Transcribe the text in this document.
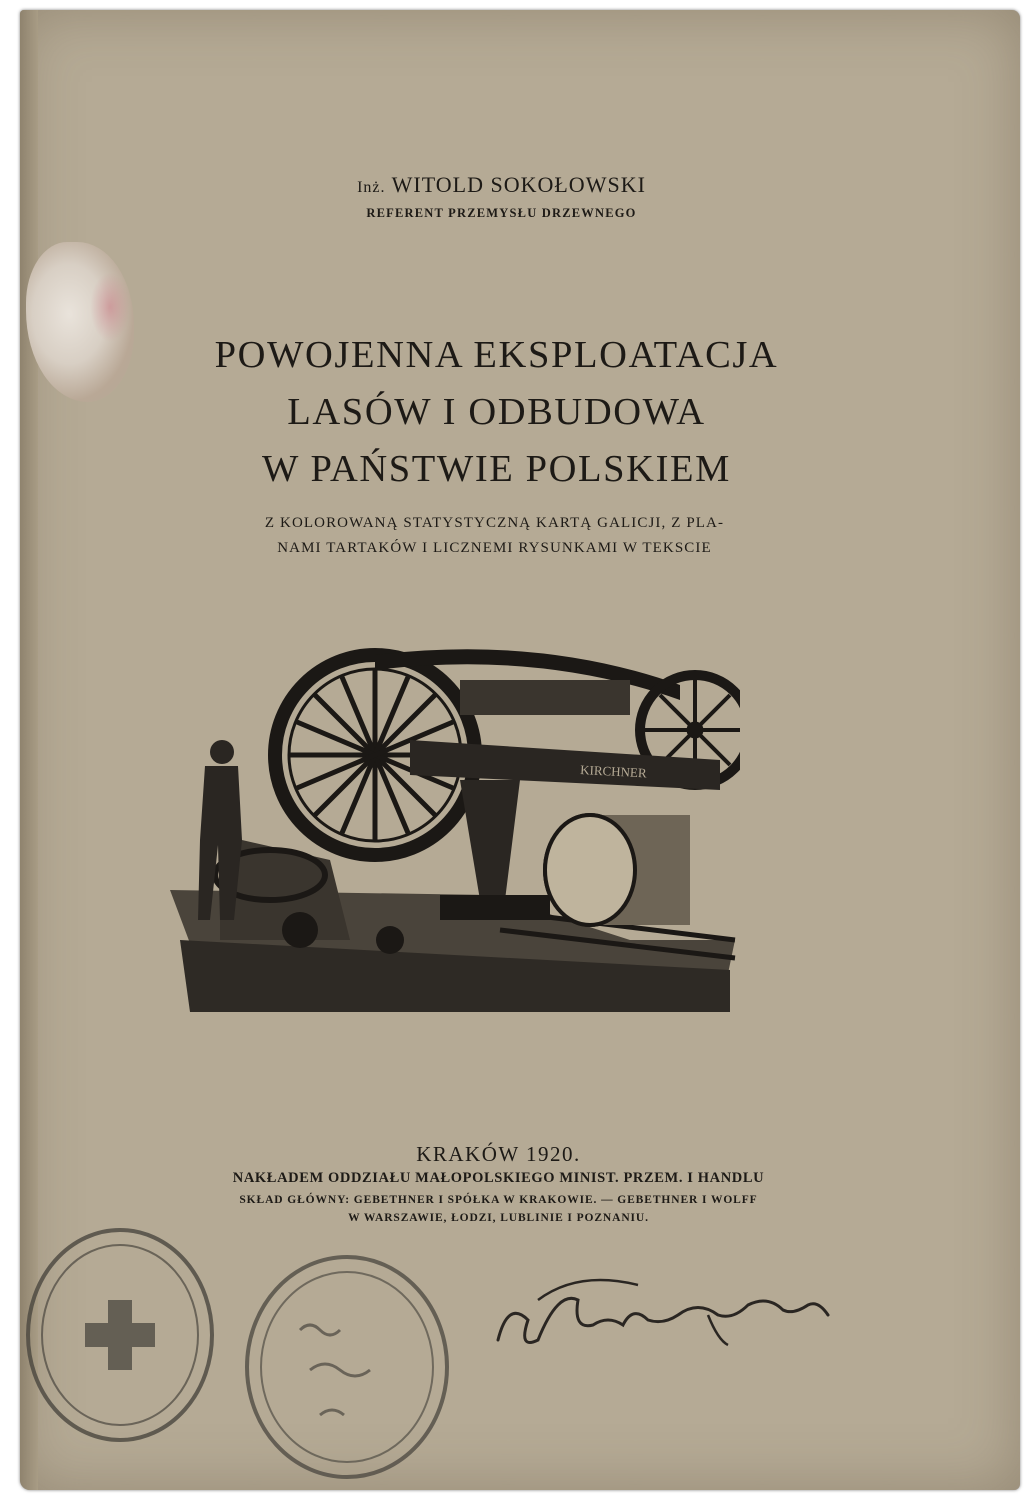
Inż. WITOLD SOKOŁOWSKI
REFERENT PRZEMYSŁU DRZEWNEGO
POWOJENNA EKSPLOATACJA
LASÓW I ODBUDOWA
W PAŃSTWIE POLSKIEM
Z KOLOROWANĄ STATYSTYCZNĄ KARTĄ GALICJI, Z PLA-
NAMI TARTAKÓW I LICZNEMI RYSUNKAMI W TEKSCIE
KIRCHNER
KRAKÓW 1920.
NAKŁADEM ODDZIAŁU MAŁOPOLSKIEGO MINIST. PRZEM. I HANDLU
SKŁAD GŁÓWNY: GEBETHNER I SPÓŁKA W KRAKOWIE. — GEBETHNER I WOLFF
W WARSZAWIE, ŁODZI, LUBLINIE I POZNANIU.
